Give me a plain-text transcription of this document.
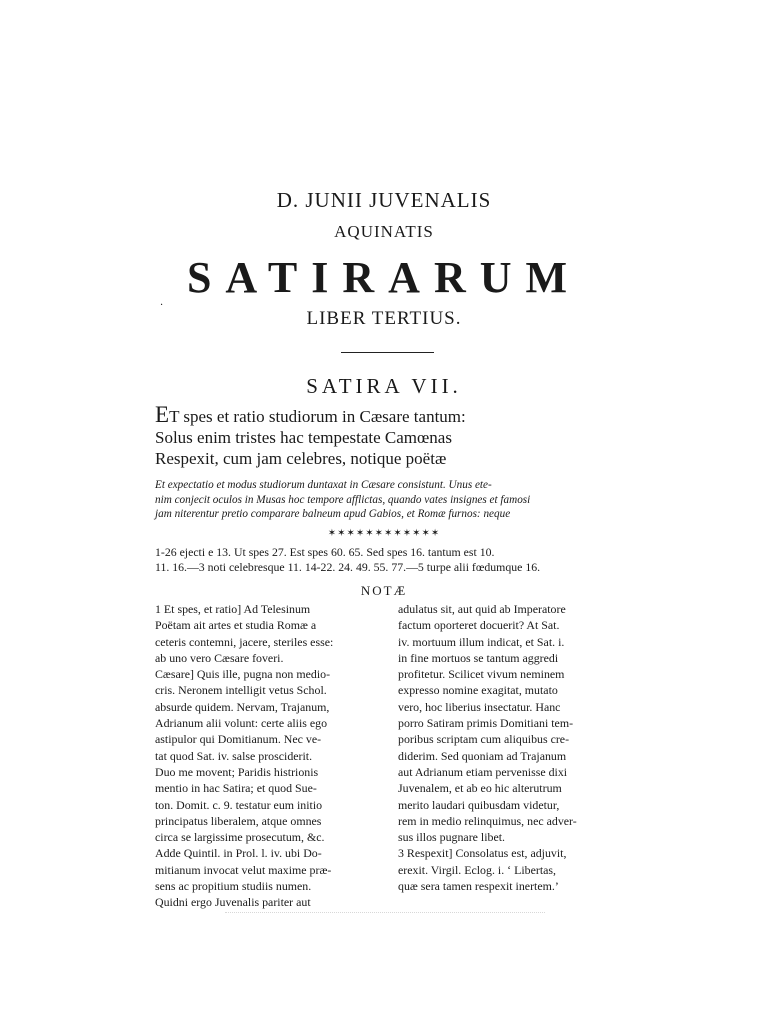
D. JUNII JUVENALIS
AQUINATIS
SATIRARUM
·
LIBER TERTIUS.
SATIRA VII.
ET spes et ratio studiorum in Cæsare tantum:
Solus enim tristes hac tempestate Camœnas
Respexit, cum jam celebres, notique poëtæ
Et expectatio et modus studiorum duntaxat in Cæsare consistunt. Unus ete-
nim conjecit oculos in Musas hoc tempore afflictas, quando vates insignes et famosi
jam niterentur pretio comparare balneum apud Gabios, et Romæ furnos: neque
✶✶✶✶✶✶✶✶✶✶✶✶
1-26 ejecti e 13. Ut spes 27. Est spes 60. 65. Sed spes 16. tantum est 10.
11. 16.—3 noti celebresque 11. 14-22. 24. 49. 55. 77.—5 turpe alii fœdumque 16.
NOTÆ
1 Et spes, et ratio] Ad Telesinum
Poëtam ait artes et studia Romæ a
ceteris contemni, jacere, steriles esse:
ab uno vero Cæsare foveri.
Cæsare] Quis ille, pugna non medio-
cris. Neronem intelligit vetus Schol.
absurde quidem. Nervam, Trajanum,
Adrianum alii volunt: certe aliis ego
astipulor qui Domitianum. Nec ve-
tat quod Sat. iv. salse prosciderit.
Duo me movent; Paridis histrionis
mentio in hac Satira; et quod Sue-
ton. Domit. c. 9. testatur eum initio
principatus liberalem, atque omnes
circa se largissime prosecutum, &c.
Adde Quintil. in Prol. l. iv. ubi Do-
mitianum invocat velut maxime præ-
sens ac propitium studiis numen.
Quidni ergo Juvenalis pariter aut
adulatus sit, aut quid ab Imperatore
factum oporteret docuerit? At Sat.
iv. mortuum illum indicat, et Sat. i.
in fine mortuos se tantum aggredi
profitetur. Scilicet vivum neminem
expresso nomine exagitat, mutato
vero, hoc liberius insectatur. Hanc
porro Satiram primis Domitiani tem-
poribus scriptam cum aliquibus cre-
diderim. Sed quoniam ad Trajanum
aut Adrianum etiam pervenisse dixi
Juvenalem, et ab eo hic alterutrum
merito laudari quibusdam videtur,
rem in medio relinquimus, nec adver-
sus illos pugnare libet.
3 Respexit] Consolatus est, adjuvit,
erexit. Virgil. Eclog. i. ‘ Libertas,
quæ sera tamen respexit inertem.’
